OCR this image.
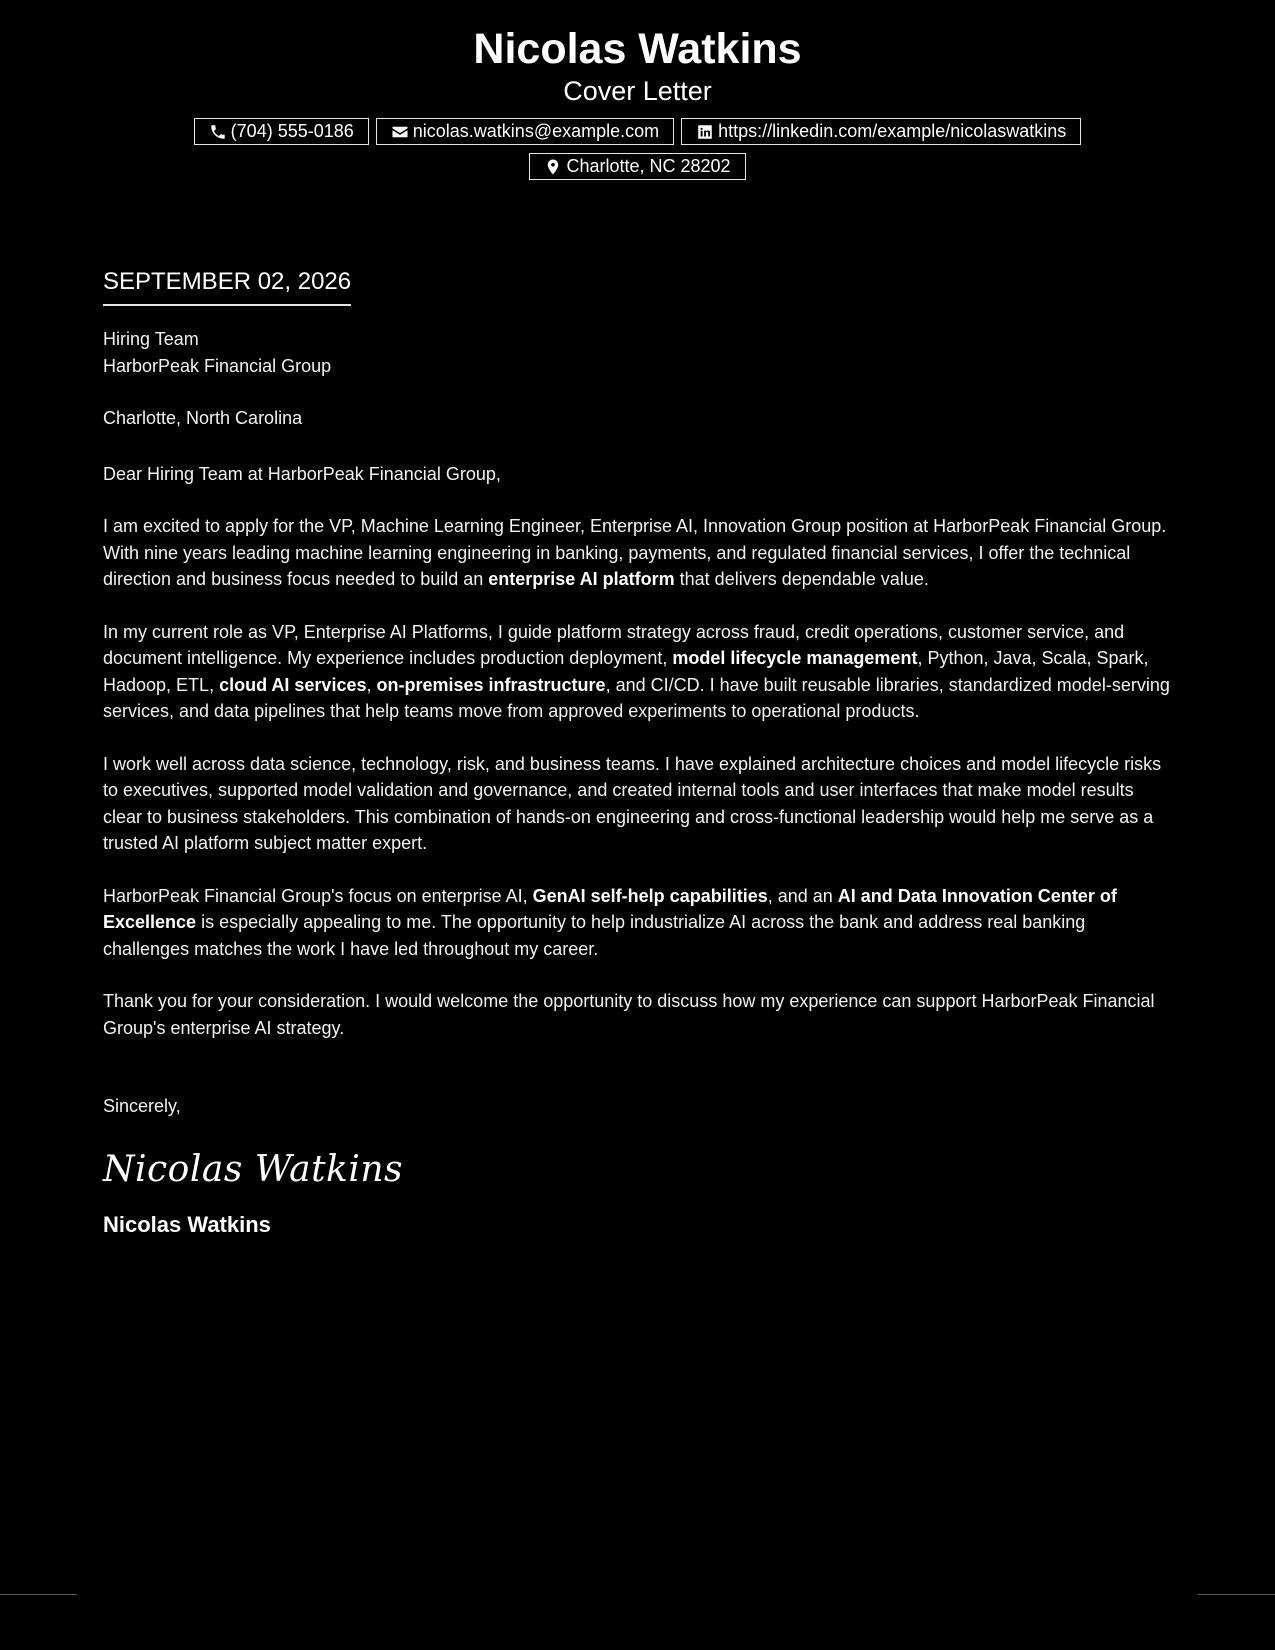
Nicolas Watkins
Cover Letter
(704) 555-0186	nicolas.watkins@example.com	https://linkedin.com/example/nicolaswatkins
Charlotte, NC 28202
SEPTEMBER 02, 2026
Hiring Team
HarborPeak Financial Group
Charlotte, North Carolina
Dear Hiring Team at HarborPeak Financial Group,

I am excited to apply for the VP, Machine Learning Engineer, Enterprise AI, Innovation Group position at HarborPeak Financial Group. With nine years leading machine learning engineering in banking, payments, and regulated financial services, I offer the technical direction and business focus needed to build an enterprise AI platform that delivers dependable value.

In my current role as VP, Enterprise AI Platforms, I guide platform strategy across fraud, credit operations, customer service, and document intelligence. My experience includes production deployment, model lifecycle management, Python, Java, Scala, Spark, Hadoop, ETL, cloud AI services, on-premises infrastructure, and CI/CD. I have built reusable libraries, standardized model-serving services, and data pipelines that help teams move from approved experiments to operational products.

I work well across data science, technology, risk, and business teams. I have explained architecture choices and model lifecycle risks to executives, supported model validation and governance, and created internal tools and user interfaces that make model results clear to business stakeholders. This combination of hands-on engineering and cross-functional leadership would help me serve as a trusted AI platform subject matter expert.

HarborPeak Financial Group's focus on enterprise AI, GenAI self-help capabilities, and an AI and Data Innovation Center of Excellence is especially appealing to me. The opportunity to help industrialize AI across the bank and address real banking challenges matches the work I have led throughout my career.

Thank you for your consideration. I would welcome the opportunity to discuss how my experience can support HarborPeak Financial Group's enterprise AI strategy.

Sincerely,
Nicolas Watkins
Nicolas Watkins
